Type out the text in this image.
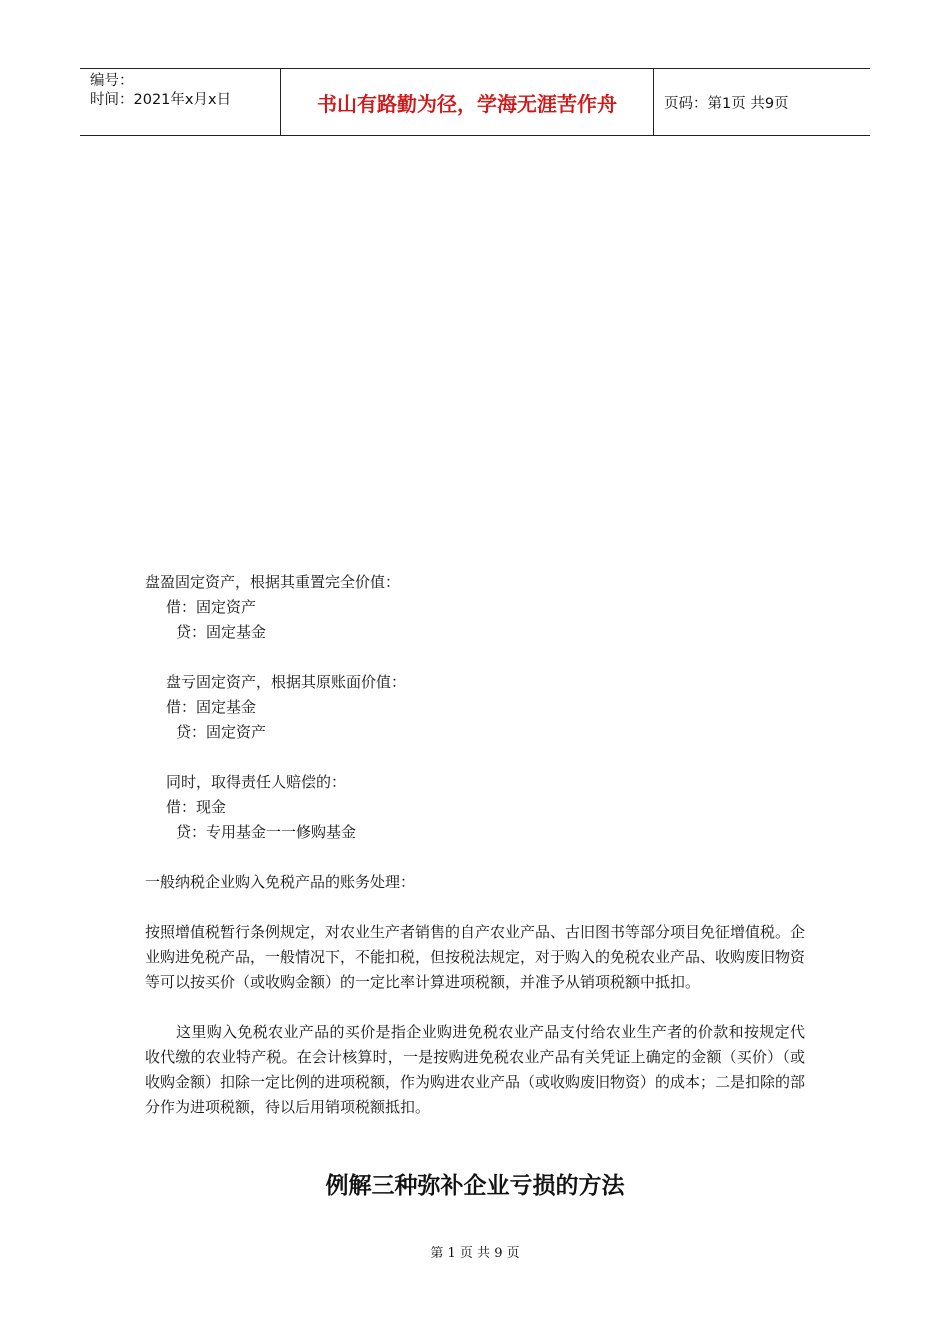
编号：
时间：2021年x月x日	书山有路勤为径，学海无涯苦作舟	页码：第1页 共9页
盘盈固定资产，根据其重置完全价值：
借：固定资产
贷：固定基金
盘亏固定资产，根据其原账面价值：
借：固定基金
贷：固定资产
同时，取得责任人赔偿的：
借：现金
贷：专用基金一一修购基金
一般纳税企业购入免税产品的账务处理：

按照增值税暂行条例规定，对农业生产者销售的自产农业产品、古旧图书等部分项目免征增值税。企业购进免税产品，一般情况下，不能扣税，但按税法规定，对于购入的免税农业产品、收购废旧物资等可以按买价（或收购金额）的一定比率计算进项税额，并准予从销项税额中抵扣。

这里购入免税农业产品的买价是指企业购进免税农业产品支付给农业生产者的价款和按规定代收代缴的农业特产税。在会计核算时，一是按购进免税农业产品有关凭证上确定的金额（买价）（或收购金额）扣除一定比例的进项税额，作为购进农业产品（或收购废旧物资）的成本；二是扣除的部分作为进项税额，待以后用销项税额抵扣。

例解三种弥补企业亏损的方法
第 1 页 共 9 页
